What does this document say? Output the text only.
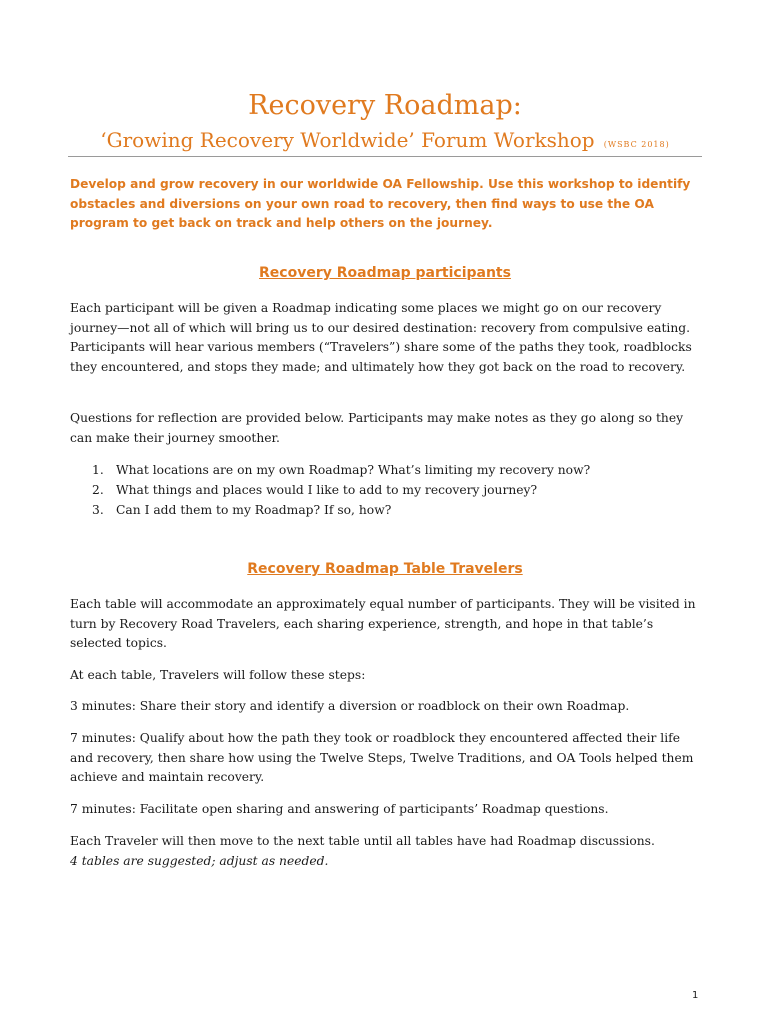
Recovery Roadmap:
‘Growing Recovery Worldwide’ Forum Workshop (WSBC 2018)

Develop and grow recovery in our worldwide OA Fellowship. Use this workshop to identify obstacles and diversions on your own road to recovery, then find ways to use the OA program to get back on track and help others on the journey.

Recovery Roadmap participants

Each participant will be given a Roadmap indicating some places we might go on our recovery journey—not all of which will bring us to our desired destination: recovery from compulsive eating. Participants will hear various members (“Travelers”) share some of the paths they took, roadblocks they encountered, and stops they made; and ultimately how they got back on the road to recovery.

Questions for reflection are provided below. Participants may make notes as they go along so they can make their journey smoother.

1. What locations are on my own Roadmap? What’s limiting my recovery now?
2. What things and places would I like to add to my recovery journey?
3. Can I add them to my Roadmap? If so, how?
Recovery Roadmap Table Travelers

Each table will accommodate an approximately equal number of participants. They will be visited in turn by Recovery Road Travelers, each sharing experience, strength, and hope in that table’s selected topics.

At each table, Travelers will follow these steps:

3 minutes: Share their story and identify a diversion or roadblock on their own Roadmap.

7 minutes: Qualify about how the path they took or roadblock they encountered affected their life and recovery, then share how using the Twelve Steps, Twelve Traditions, and OA Tools helped them achieve and maintain recovery.

7 minutes: Facilitate open sharing and answering of participants’ Roadmap questions.

Each Traveler will then move to the next table until all tables have had Roadmap discussions.
4 tables are suggested; adjust as needed.

1
